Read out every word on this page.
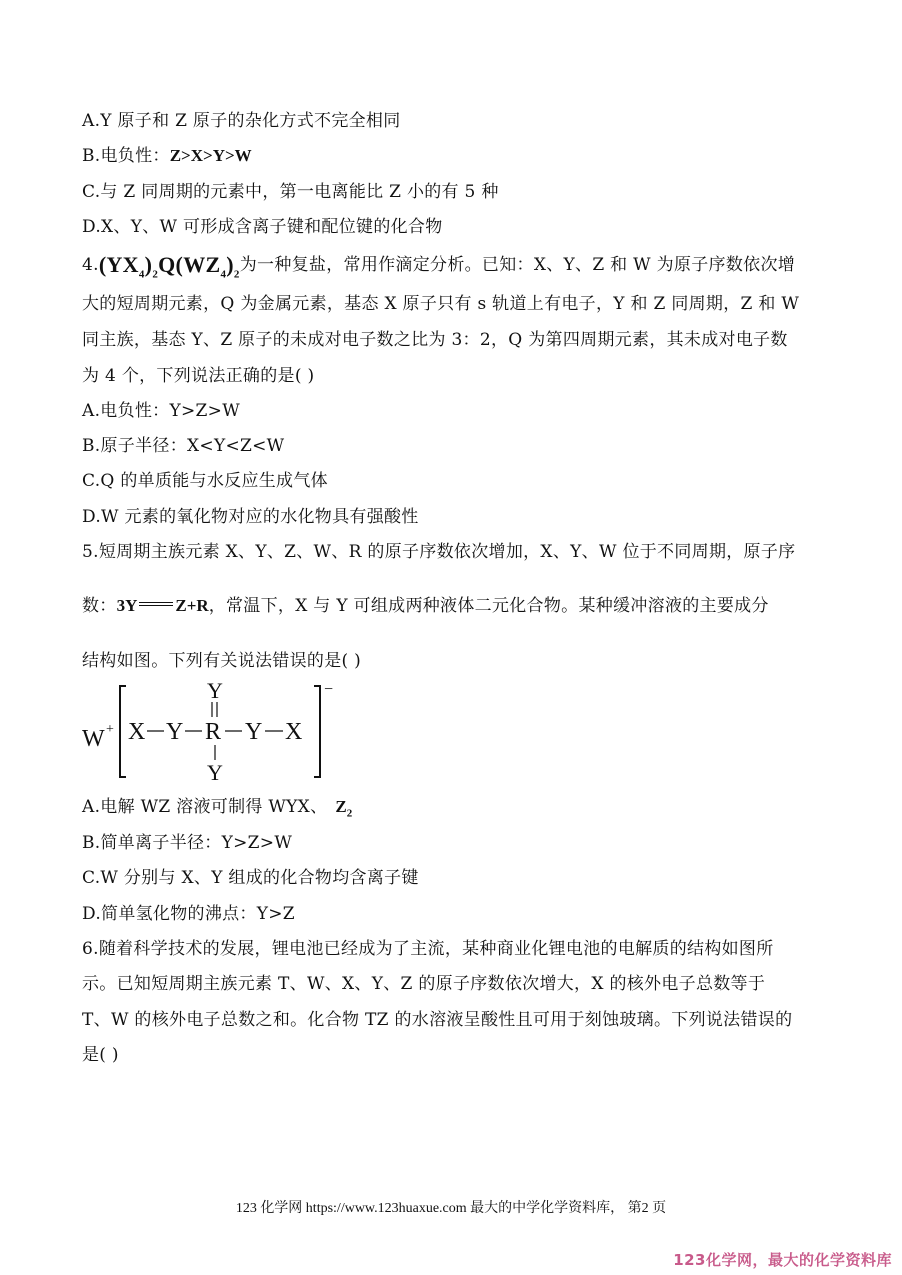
A.Y 原子和 Z 原子的杂化方式不完全相同
B.电负性：Z>X>Y>W
C.与 Z 同周期的元素中，第一电离能比 Z 小的有 5 种
D.X、Y、W 可形成含离子键和配位键的化合物
$4.(YX_4)_2Q(WZ_4)_2$为一种复盐，常用作滴定分析。已知：X、Y、Z 和 W 为原子序数依次增
大的短周期元素，Q 为金属元素，基态 X 原子只有 s 轨道上有电子，Y 和 Z 同周期，Z 和 W
同主族，基态 Y、Z 原子的未成对电子数之比为 3：2，Q 为第四周期元素，其未成对电子数
为 4 个，下列说法正确的是( )
A.电负性：Y>Z>W
B.原子半径：X<Y<Z<W
C.Q 的单质能与水反应生成气体
D.W 元素的氧化物对应的水化物具有强酸性
5.短周期主族元素 X、Y、Z、W、R 的原子序数依次增加，X、Y、W 位于不同周期，原子序
数：3Y Z+R，常温下，X 与 Y 可组成两种液体二元化合物。某种缓冲溶液的主要成分
结构如图。下列有关说法错误的是( )
W +
−
X Y R Y X
Y
Y
A.电解 WZ 溶液可制得 WYX、 $Z_2$
B.简单离子半径：Y>Z>W
C.W 分别与 X、Y 组成的化合物均含离子键
D.简单氢化物的沸点：Y>Z
6.随着科学技术的发展，锂电池已经成为了主流，某种商业化锂电池的电解质的结构如图所
示。已知短周期主族元素 T、W、X、Y、Z 的原子序数依次增大，X 的核外电子总数等于
T、W 的核外电子总数之和。化合物 TZ 的水溶液呈酸性且可用于刻蚀玻璃。下列说法错误的
是( )
123 化学网 https://www.123huaxue.com 最大的中学化学资料库， 第2 页
123化学网，最大的化学资料库
